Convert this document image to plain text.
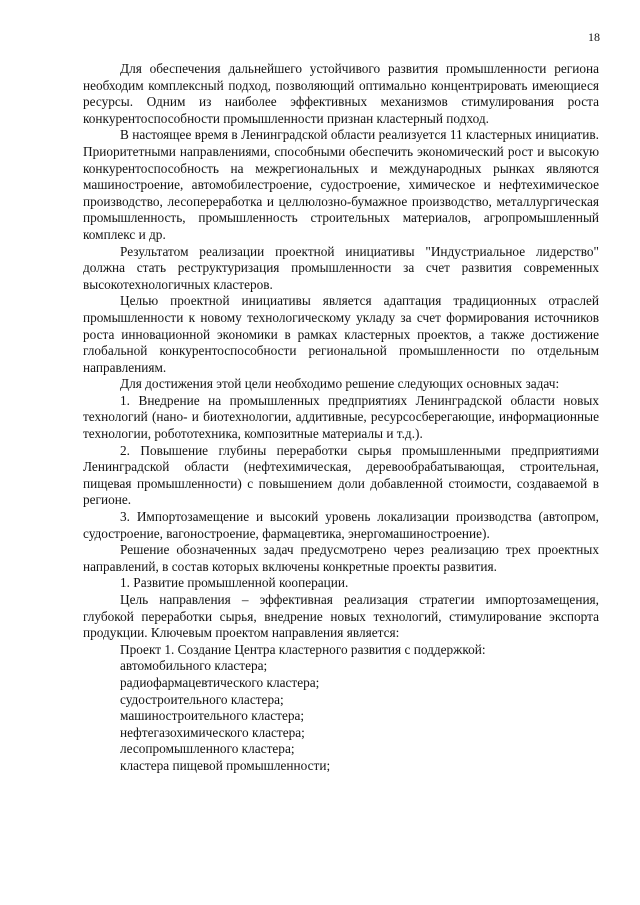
18

Для обеспечения дальнейшего устойчивого развития промышленности региона необходим комплексный подход, позволяющий оптимально концентрировать имеющиеся ресурсы. Одним из наиболее эффективных механизмов стимулирования роста конкурентоспособности промышленности признан кластерный подход.

В настоящее время в Ленинградской области реализуется 11 кластерных инициатив. Приоритетными направлениями, способными обеспечить экономический рост и высокую конкурентоспособность на межрегиональных и международных рынках являются машиностроение, автомобилестроение, судостроение, химическое и нефтехимическое производство, лесопереработка и целлюлозно-бумажное производство, металлургическая промышленность, промышленность строительных материалов, агропромышленный комплекс и др.

Результатом реализации проектной инициативы "Индустриальное лидерство" должна стать реструктуризация промышленности за счет развития современных высокотехнологичных кластеров.

Целью проектной инициативы является адаптация традиционных отраслей промышленности к новому технологическому укладу за счет формирования источников роста инновационной экономики в рамках кластерных проектов, а также достижение глобальной конкурентоспособности региональной промышленности по отдельным направлениям.

Для достижения этой цели необходимо решение следующих основных задач:

1. Внедрение на промышленных предприятиях Ленинградской области новых технологий (нано- и биотехнологии, аддитивные, ресурсосберегающие, информационные технологии, робототехника, композитные материалы и т.д.).

2. Повышение глубины переработки сырья промышленными предприятиями Ленинградской области (нефтехимическая, деревообрабатывающая, строительная, пищевая промышленности) с повышением доли добавленной стоимости, создаваемой в регионе.

3. Импортозамещение и высокий уровень локализации производства (автопром, судостроение, вагоностроение, фармацевтика, энергомашиностроение).

Решение обозначенных задач предусмотрено через реализацию трех проектных направлений, в состав которых включены конкретные проекты развития.

1. Развитие промышленной кооперации.

Цель направления – эффективная реализация стратегии импортозамещения, глубокой переработки сырья, внедрение новых технологий, стимулирование экспорта продукции. Ключевым проектом направления является:

Проект 1. Создание Центра кластерного развития с поддержкой:

автомобильного кластера;

радиофармацевтического кластера;

судостроительного кластера;

машиностроительного кластера;

нефтегазохимического кластера;

лесопромышленного кластера;

кластера пищевой промышленности;
